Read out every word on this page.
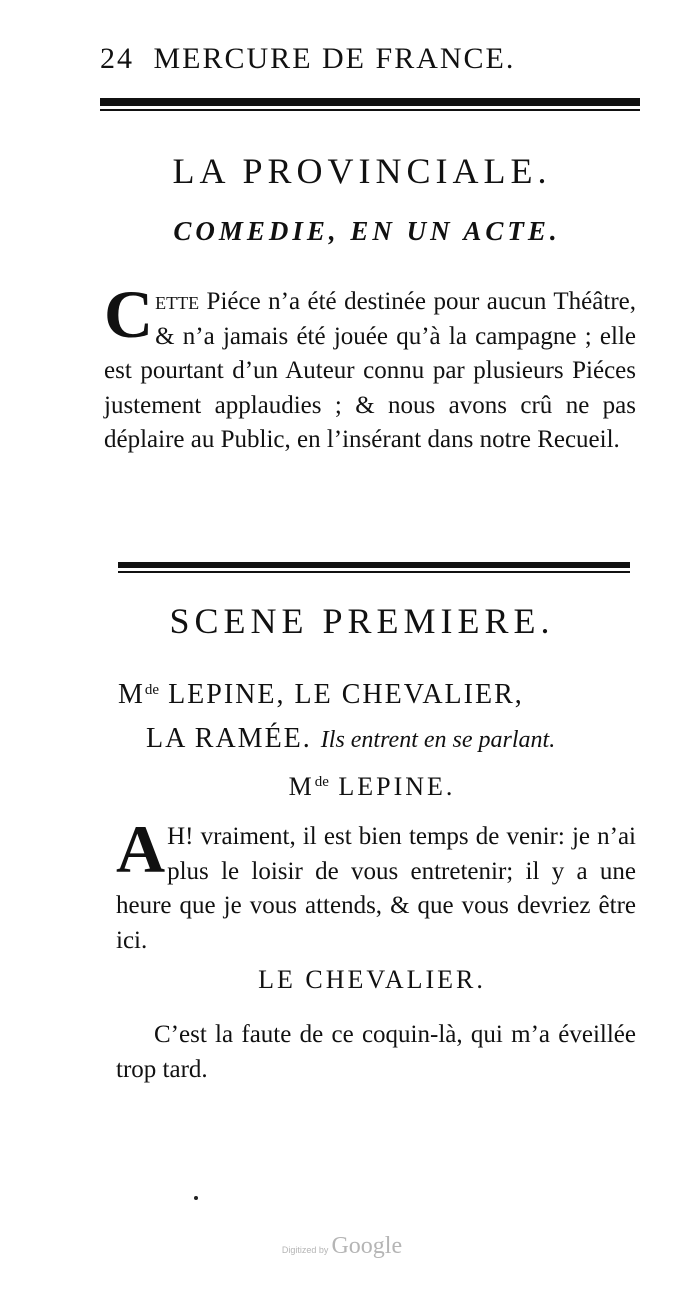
24 MERCURE DE FRANCE.
LA PROVINCIALE.
COMEDIE, EN UN ACTE.
Cette Piéce n’a été destinée pour aucun Théâtre, & n’a jamais été jouée qu’à la campagne ; elle est pourtant d’un Auteur connu par plusieurs Piéces justement applaudies ; & nous avons crû ne pas déplaire au Public, en l’insérant dans notre Recueil.
SCENE PREMIERE.
Mde LEPINE, LE CHEVALIER,
LA RAMÉE. Ils entrent en se parlant.
Mde LEPINE.
A H! vraiment, il est bien temps de venir: je n’ai plus le loisir de vous entretenir; il y a une heure que je vous attends, & que vous devriez être ici.
LE CHEVALIER.
C’est la faute de ce coquin-là, qui m’a éveillée trop tard.
Digitized by Google
